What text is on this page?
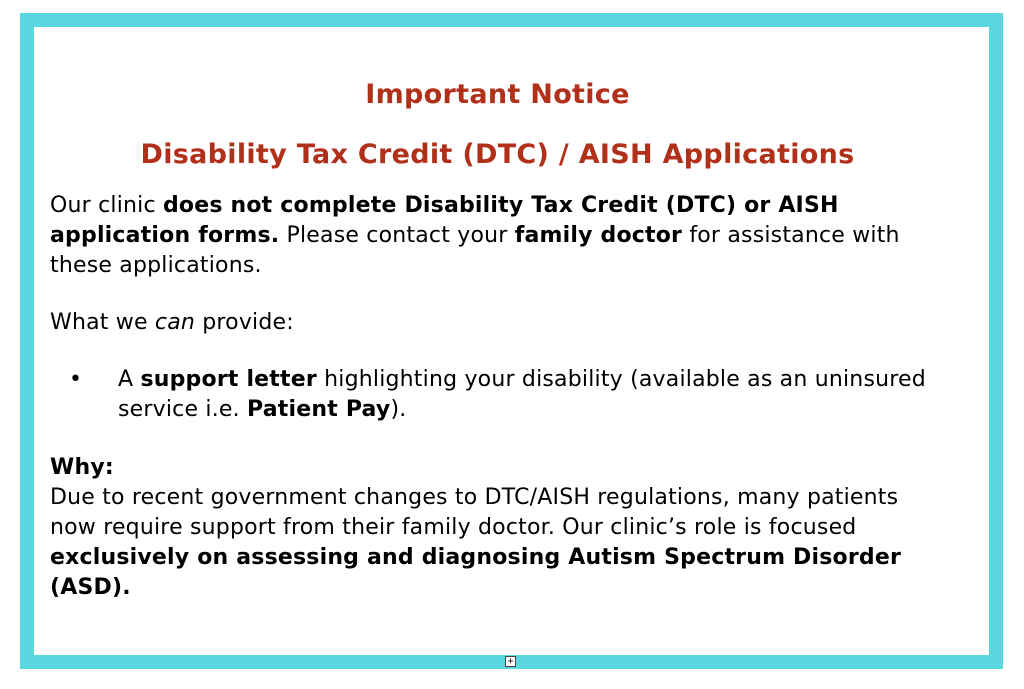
Important Notice
Disability Tax Credit (DTC) / AISH Applications

Our clinic does not complete Disability Tax Credit (DTC) or AISH application forms. Please contact your family doctor for assistance with these applications.

What we can provide:

• A support letter highlighting your disability (available as an uninsured service i.e. Patient Pay).
Why:
Due to recent government changes to DTC/AISH regulations, many patients now require support from their family doctor. Our clinic’s role is focused exclusively on assessing and diagnosing Autism Spectrum Disorder (ASD).
+
